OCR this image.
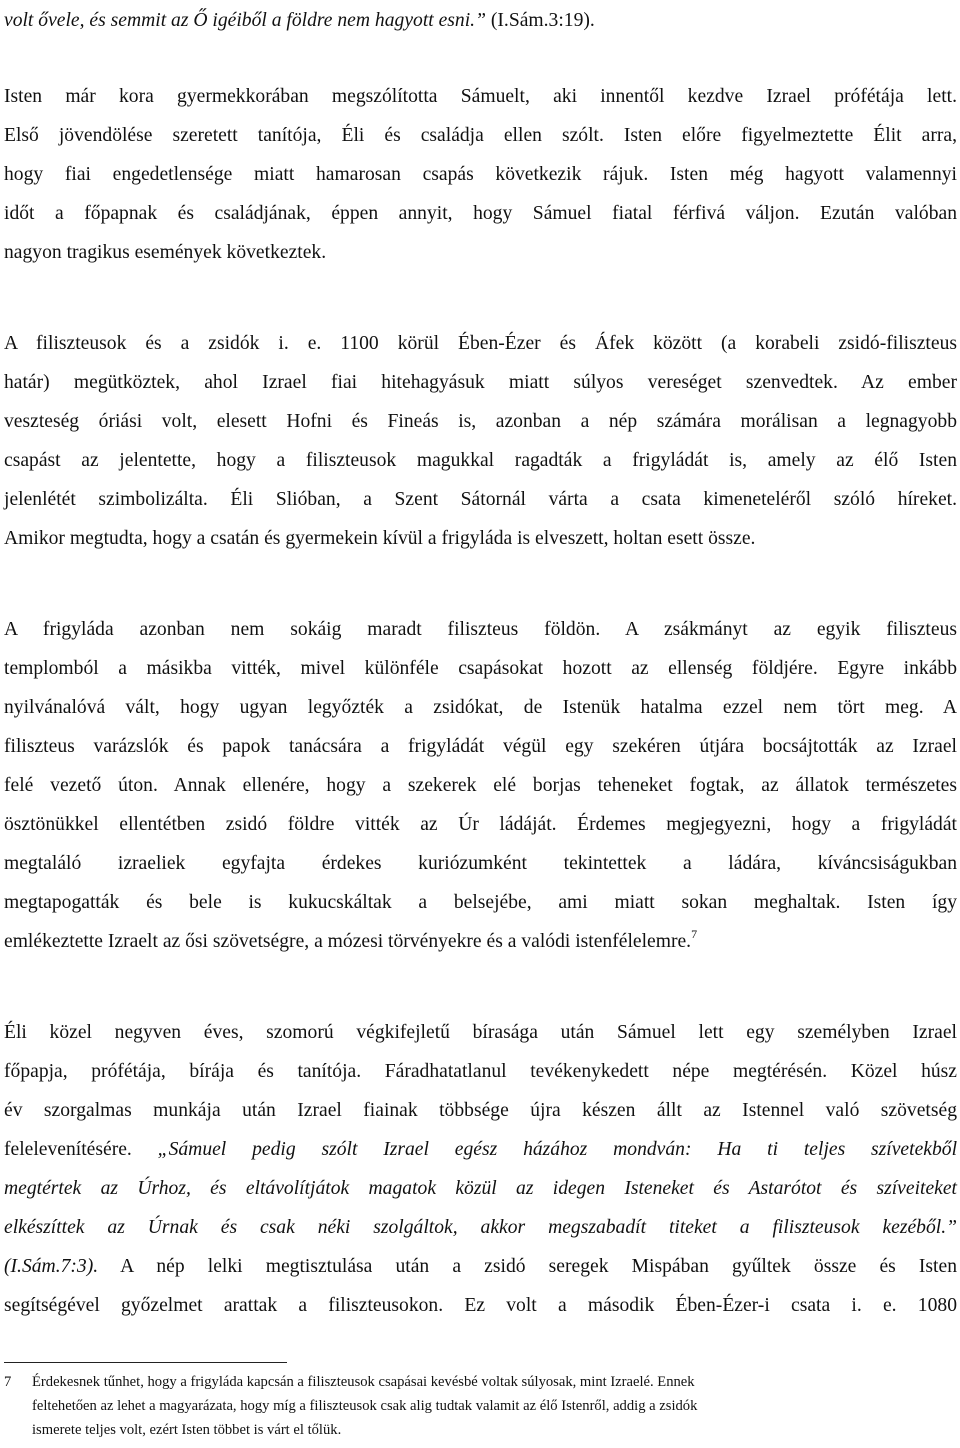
volt ővele, és semmit az Ő igéiből a földre nem hagyott esni.” (I.Sám.3:19).
Isten már kora gyermekkorában megszólította Sámuelt, aki innentől kezdve Izrael prófétája lett.
Első jövendölése szeretett tanítója, Éli és családja ellen szólt. Isten előre figyelmeztette Élit arra,
hogy fiai engedetlensége miatt hamarosan csapás következik rájuk. Isten még hagyott valamennyi
időt a főpapnak és családjának, éppen annyit, hogy Sámuel fiatal férfivá váljon. Ezután valóban
nagyon tragikus események következtek.
A filiszteusok és a zsidók i. e. 1100 körül Ében-Ézer és Áfek között (a korabeli zsidó-filiszteus
határ) megütköztek, ahol Izrael fiai hitehagyásuk miatt súlyos vereséget szenvedtek. Az ember
veszteség óriási volt, elesett Hofni és Fineás is, azonban a nép számára morálisan a legnagyobb
csapást az jelentette, hogy a filiszteusok magukkal ragadták a frigyládát is, amely az élő Isten
jelenlétét szimbolizálta. Éli Slióban, a Szent Sátornál várta a csata kimeneteléről szóló híreket.
Amikor megtudta, hogy a csatán és gyermekein kívül a frigyláda is elveszett, holtan esett össze.
A frigyláda azonban nem sokáig maradt filiszteus földön. A zsákmányt az egyik filiszteus
templomból a másikba vitték, mivel különféle csapásokat hozott az ellenség földjére. Egyre inkább
nyilvánalóvá vált, hogy ugyan legyőzték a zsidókat, de Istenük hatalma ezzel nem tört meg. A
filiszteus varázslók és papok tanácsára a frigyládát végül egy szekéren útjára bocsájtották az Izrael
felé vezető úton. Annak ellenére, hogy a szekerek elé borjas teheneket fogtak, az állatok természetes
ösztönükkel ellentétben zsidó földre vitték az Úr ládáját. Érdemes megjegyezni, hogy a frigyládát
megtaláló izraeliek egyfajta érdekes kuriózumként tekintettek a ládára, kíváncsiságukban
megtapogatták és bele is kukucskáltak a belsejébe, ami miatt sokan meghaltak. Isten így
emlékeztette Izraelt az ősi szövetségre, a mózesi törvényekre és a valódi istenfélelemre.$^7$
Éli közel negyven éves, szomorú végkifejletű bírasága után Sámuel lett egy személyben Izrael
főpapja, prófétája, bírája és tanítója. Fáradhatatlanul tevékenykedett népe megtérésén. Közel húsz
év szorgalmas munkája után Izrael fiainak többsége újra készen állt az Istennel való szövetség
felelevenítésére. „Sámuel pedig szólt Izrael egész házához mondván: Ha ti teljes szívetekből
megtértek az Úrhoz, és eltávolítjátok magatok közül az idegen Isteneket és Astarótot és szíveiteket
elkészíttek az Úrnak és csak néki szolgáltok, akkor megszabadít titeket a filiszteusok kezéből.”
(I.Sám.7:3). A nép lelki megtisztulása után a zsidó seregek Mispában gyűltek össze és Isten
segítségével győzelmet arattak a filiszteusokon. Ez volt a második Ében-Ézer-i csata i. e. 1080
7 Érdekesnek tűnhet, hogy a frigyláda kapcsán a filiszteusok csapásai kevésbé voltak súlyosak, mint Izraelé. Ennek
feltehetően az lehet a magyarázata, hogy míg a filiszteusok csak alig tudtak valamit az élő Istenről, addig a zsidók
ismerete teljes volt, ezért Isten többet is várt el tőlük.
